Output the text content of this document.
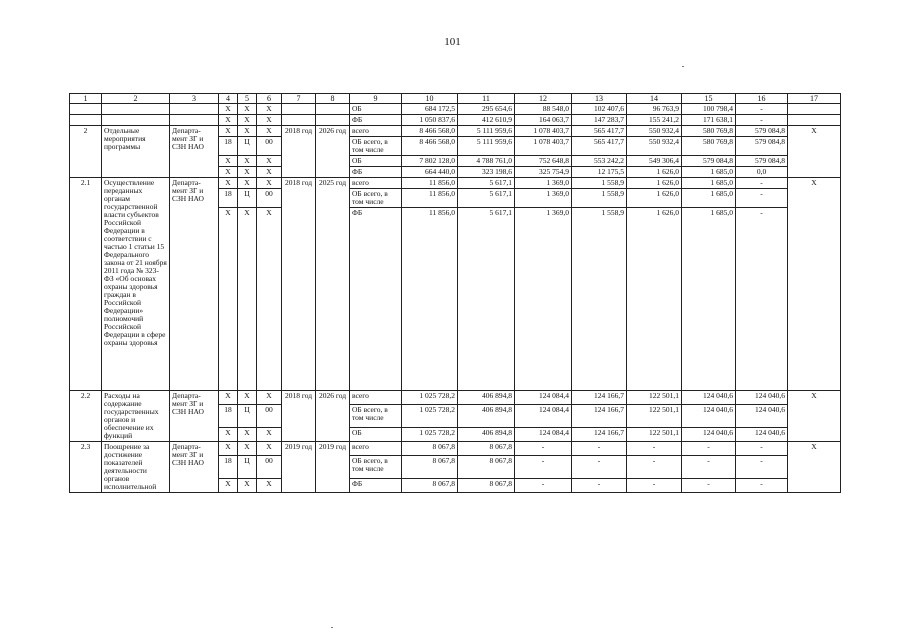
101
1	2	3	4	5	6	7	8	9	10	11	12	13	14	15	16	17
			Х	Х	Х			ОБ	684 172,5	295 654,6	88 548,0	102 407,6	96 763,9	100 798,4	-	
			Х	Х	Х			ФБ	1 050 837,6	412 610,9	164 063,7	147 283,7	155 241,2	171 638,1	-	
2	Отдельные мероприятия программы	Департа-мент ЗГ и СЗН НАО	Х	Х	Х	2018 год	2026 год	всего	8 466 568,0	5 111 959,6	1 078 403,7	565 417,7	550 932,4	580 769,8	579 084,8	Х
			18	Ц	00			ОБ всего, в том числе	8 466 568,0	5 111 959,6	1 078 403,7	565 417,7	550 932,4	580 769,8	579 084,8	
			Х	Х	Х			ОБ	7 802 128,0	4 788 761,0	752 648,8	553 242,2	549 306,4	579 084,8	579 084,8	
			Х	Х	Х			ФБ	664 440,0	323 198,6	325 754,9	12 175,5	1 626,0	1 685,0	0,0	
2.1	Осуществление переданных органам государственной власти субъектов Российской Федерации в соответствии с частью 1 статьи 15 Федерального закона от 21 ноября 2011 года № 323-ФЗ «Об основах охраны здоровья граждан в Российской Федерации» полномочий Российской Федерации в сфере охраны здоровья	Департа-мент ЗГ и СЗН НАО	Х	Х	Х	2018 год	2025 год	всего	11 856,0	5 617,1	1 369,0	1 558,9	1 626,0	1 685,0	-	Х
			18	Ц	00			ОБ всего, в том числе	11 856,0	5 617,1	1 369,0	1 558,9	1 626,0	1 685,0	-	
			Х	Х	Х			ФБ	11 856,0	5 617,1	1 369,0	1 558,9	1 626,0	1 685,0	-	
2.2	Расходы на содержание государственных органов и обеспечение их функций	Департа-мент ЗГ и СЗН НАО	Х	Х	Х	2018 год	2026 год	всего	1 025 728,2	406 894,8	124 084,4	124 166,7	122 501,1	124 040,6	124 040,6	Х
			18	Ц	00			ОБ всего, в том числе	1 025 728,2	406 894,8	124 084,4	124 166,7	122 501,1	124 040,6	124 040,6	
			Х	Х	Х			ОБ	1 025 728,2	406 894,8	124 084,4	124 166,7	122 501,1	124 040,6	124 040,6	
2.3	Поощрение за достижение показателей деятельности органов исполнительной	Департа-мент ЗГ и СЗН НАО	Х	Х	Х	2019 год	2019 год	всего	8 067,8	8 067,8	-	-	-	-	-	Х
			18	Ц	00			ОБ всего, в том числе	8 067,8	8 067,8	-	-	-	-	-	
			Х	Х	Х			ФБ	8 067,8	8 067,8	-	-	-	-	-	
